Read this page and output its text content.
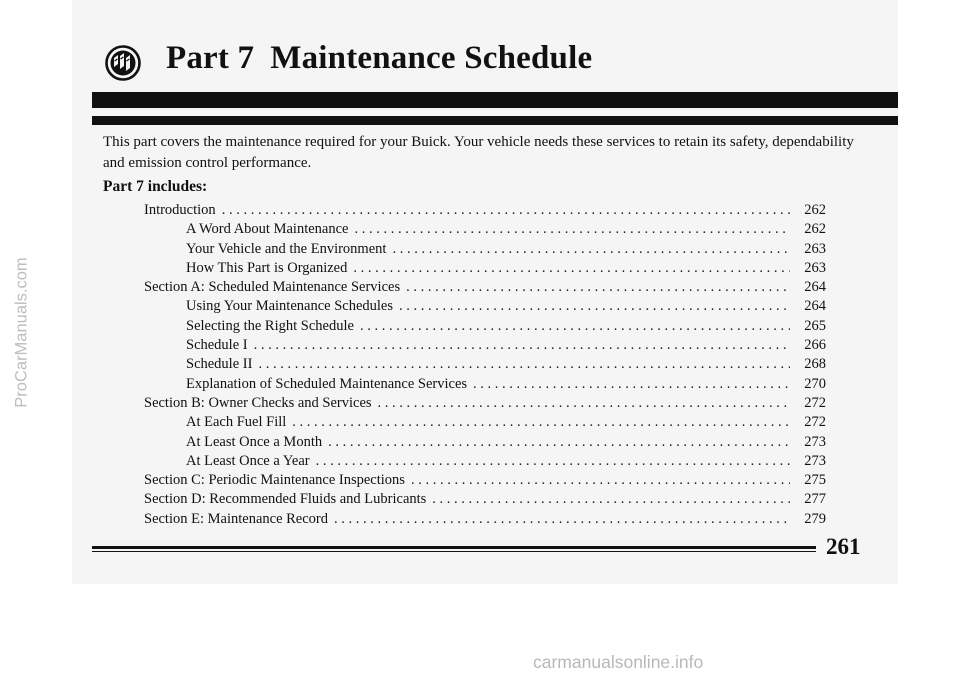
Part 7 Maintenance Schedule

This part covers the maintenance required for your Buick. Your vehicle needs these services to retain its safety, dependability and emission control performance.

Part 7 includes:

Introduction . . .	262
A Word About Maintenance . . .	262
Your Vehicle and the Environment . . .	263
How This Part is Organized . . .	263
Section A: Scheduled Maintenance Services . . .	264
Using Your Maintenance Schedules . . .	264
Selecting the Right Schedule . . .	265
Schedule I . . .	266
Schedule II . . .	268
Explanation of Scheduled Maintenance Services . . .	270
Section B: Owner Checks and Services . . .	272
At Each Fuel Fill . . .	272
At Least Once a Month . . .	273
At Least Once a Year . . .	273
Section C: Periodic Maintenance Inspections . . .	275
Section D: Recommended Fluids and Lubricants . . .	277
Section E: Maintenance Record . . .	279

261

ProCarManuals.com

carmanualsonline.info
